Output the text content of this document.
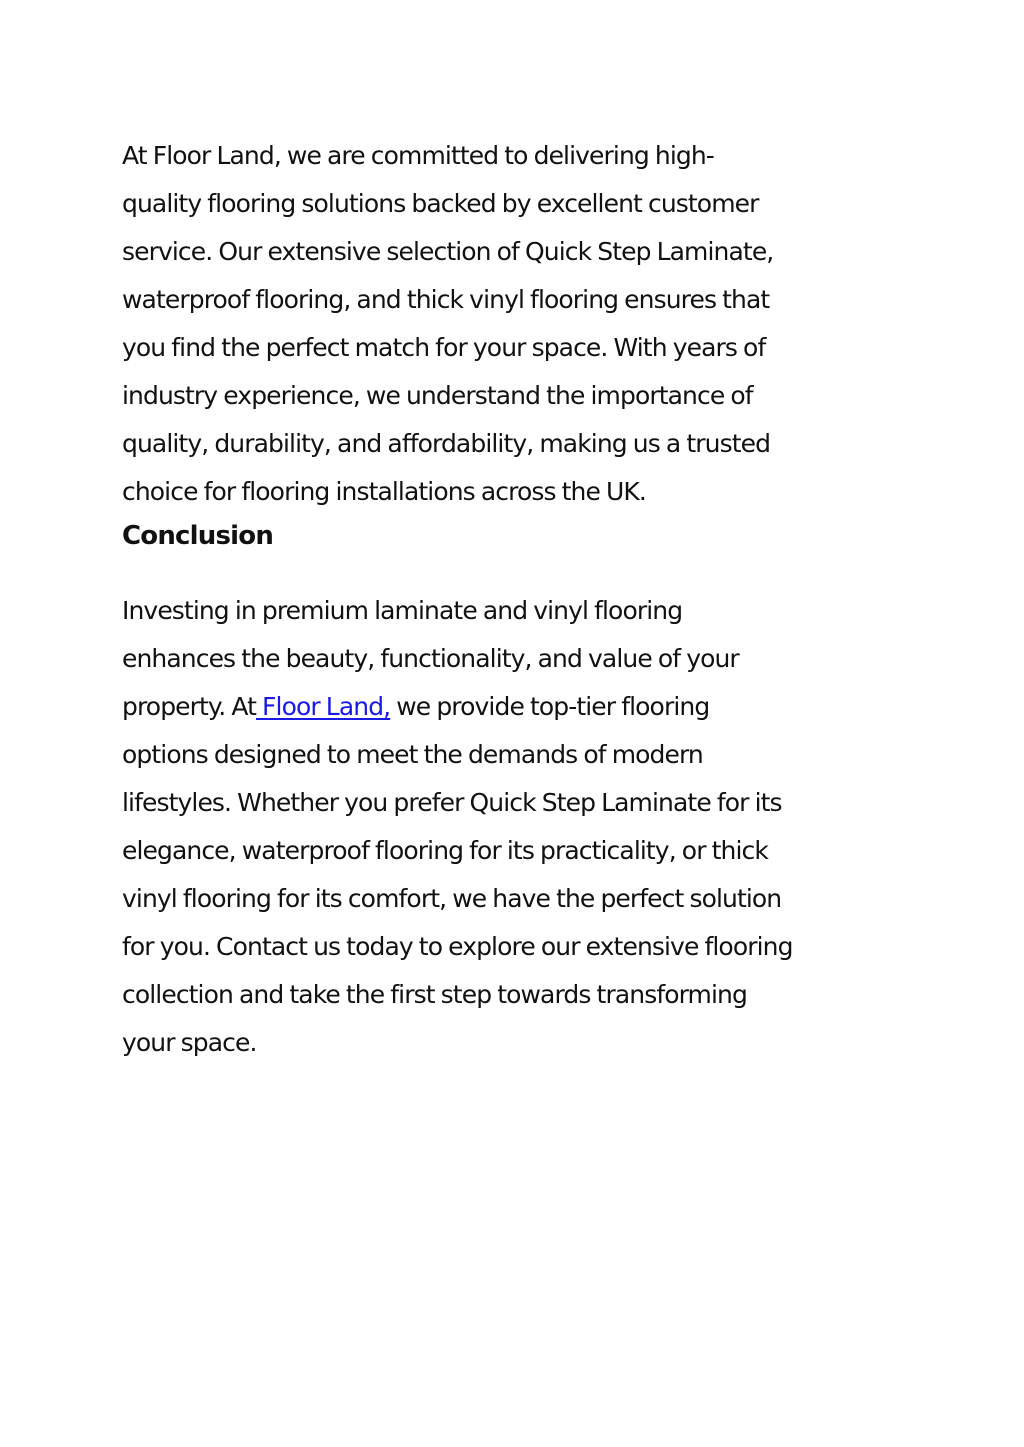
At Floor Land, we are committed to delivering high-
quality flooring solutions backed by excellent customer
service. Our extensive selection of Quick Step Laminate,
waterproof flooring, and thick vinyl flooring ensures that
you find the perfect match for your space. With years of
industry experience, we understand the importance of
quality, durability, and affordability, making us a trusted
choice for flooring installations across the UK.
Conclusion
Investing in premium laminate and vinyl flooring
enhances the beauty, functionality, and value of your
property. At Floor Land, we provide top-tier flooring
options designed to meet the demands of modern
lifestyles. Whether you prefer Quick Step Laminate for its
elegance, waterproof flooring for its practicality, or thick
vinyl flooring for its comfort, we have the perfect solution
for you. Contact us today to explore our extensive flooring
collection and take the first step towards transforming
your space.
